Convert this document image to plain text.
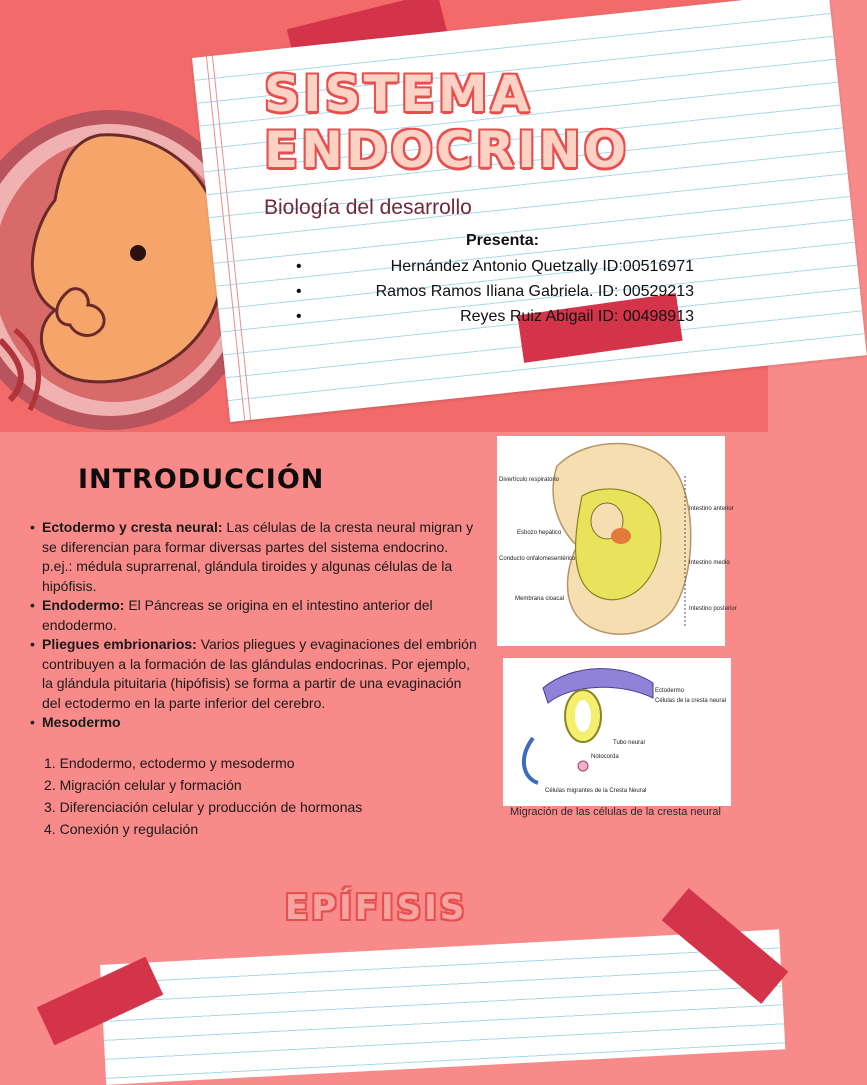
SISTEMA
ENDOCRINO
Biología del desarrollo
Presenta:
•	Hernández Antonio Quetzally ID:00516971
•	Ramos Ramos Iliana Gabriela. ID: 00529213
•	Reyes Ruiz Abigail ID: 00498913
INTRODUCCIÓN
• Ectodermo y cresta neural: Las células de la cresta neural migran y se diferencian para formar diversas partes del sistema endocrino. p.ej.: médula suprarrenal, glándula tiroides y algunas células de la hipófisis.
• Endodermo: El Páncreas se origina en el intestino anterior del endodermo.
• Pliegues embrionarios: Varios pliegues y evaginaciones del embrión contribuyen a la formación de las glándulas endocrinas. Por ejemplo, la glándula pituitaria (hipófisis) se forma a partir de una evaginación del ectodermo en la parte inferior del cerebro.
• Mesodermo
1. Endodermo, ectodermo y mesodermo
2. Migración celular y formación
3. Diferenciación celular y producción de hormonas
4. Conexión y regulación
Divertículo respiratorio
Esbozo hepático
Conducto onfalomesentérico
Membrana cloacal
Intestino anterior
Intestino medio
Intestino posterior
Ectodermo
Células de la cresta neural
Tubo neural
Notocorda
Células migrantes de la Cresta Neural
Migración de las células de la cresta neural
EPÍFISIS
